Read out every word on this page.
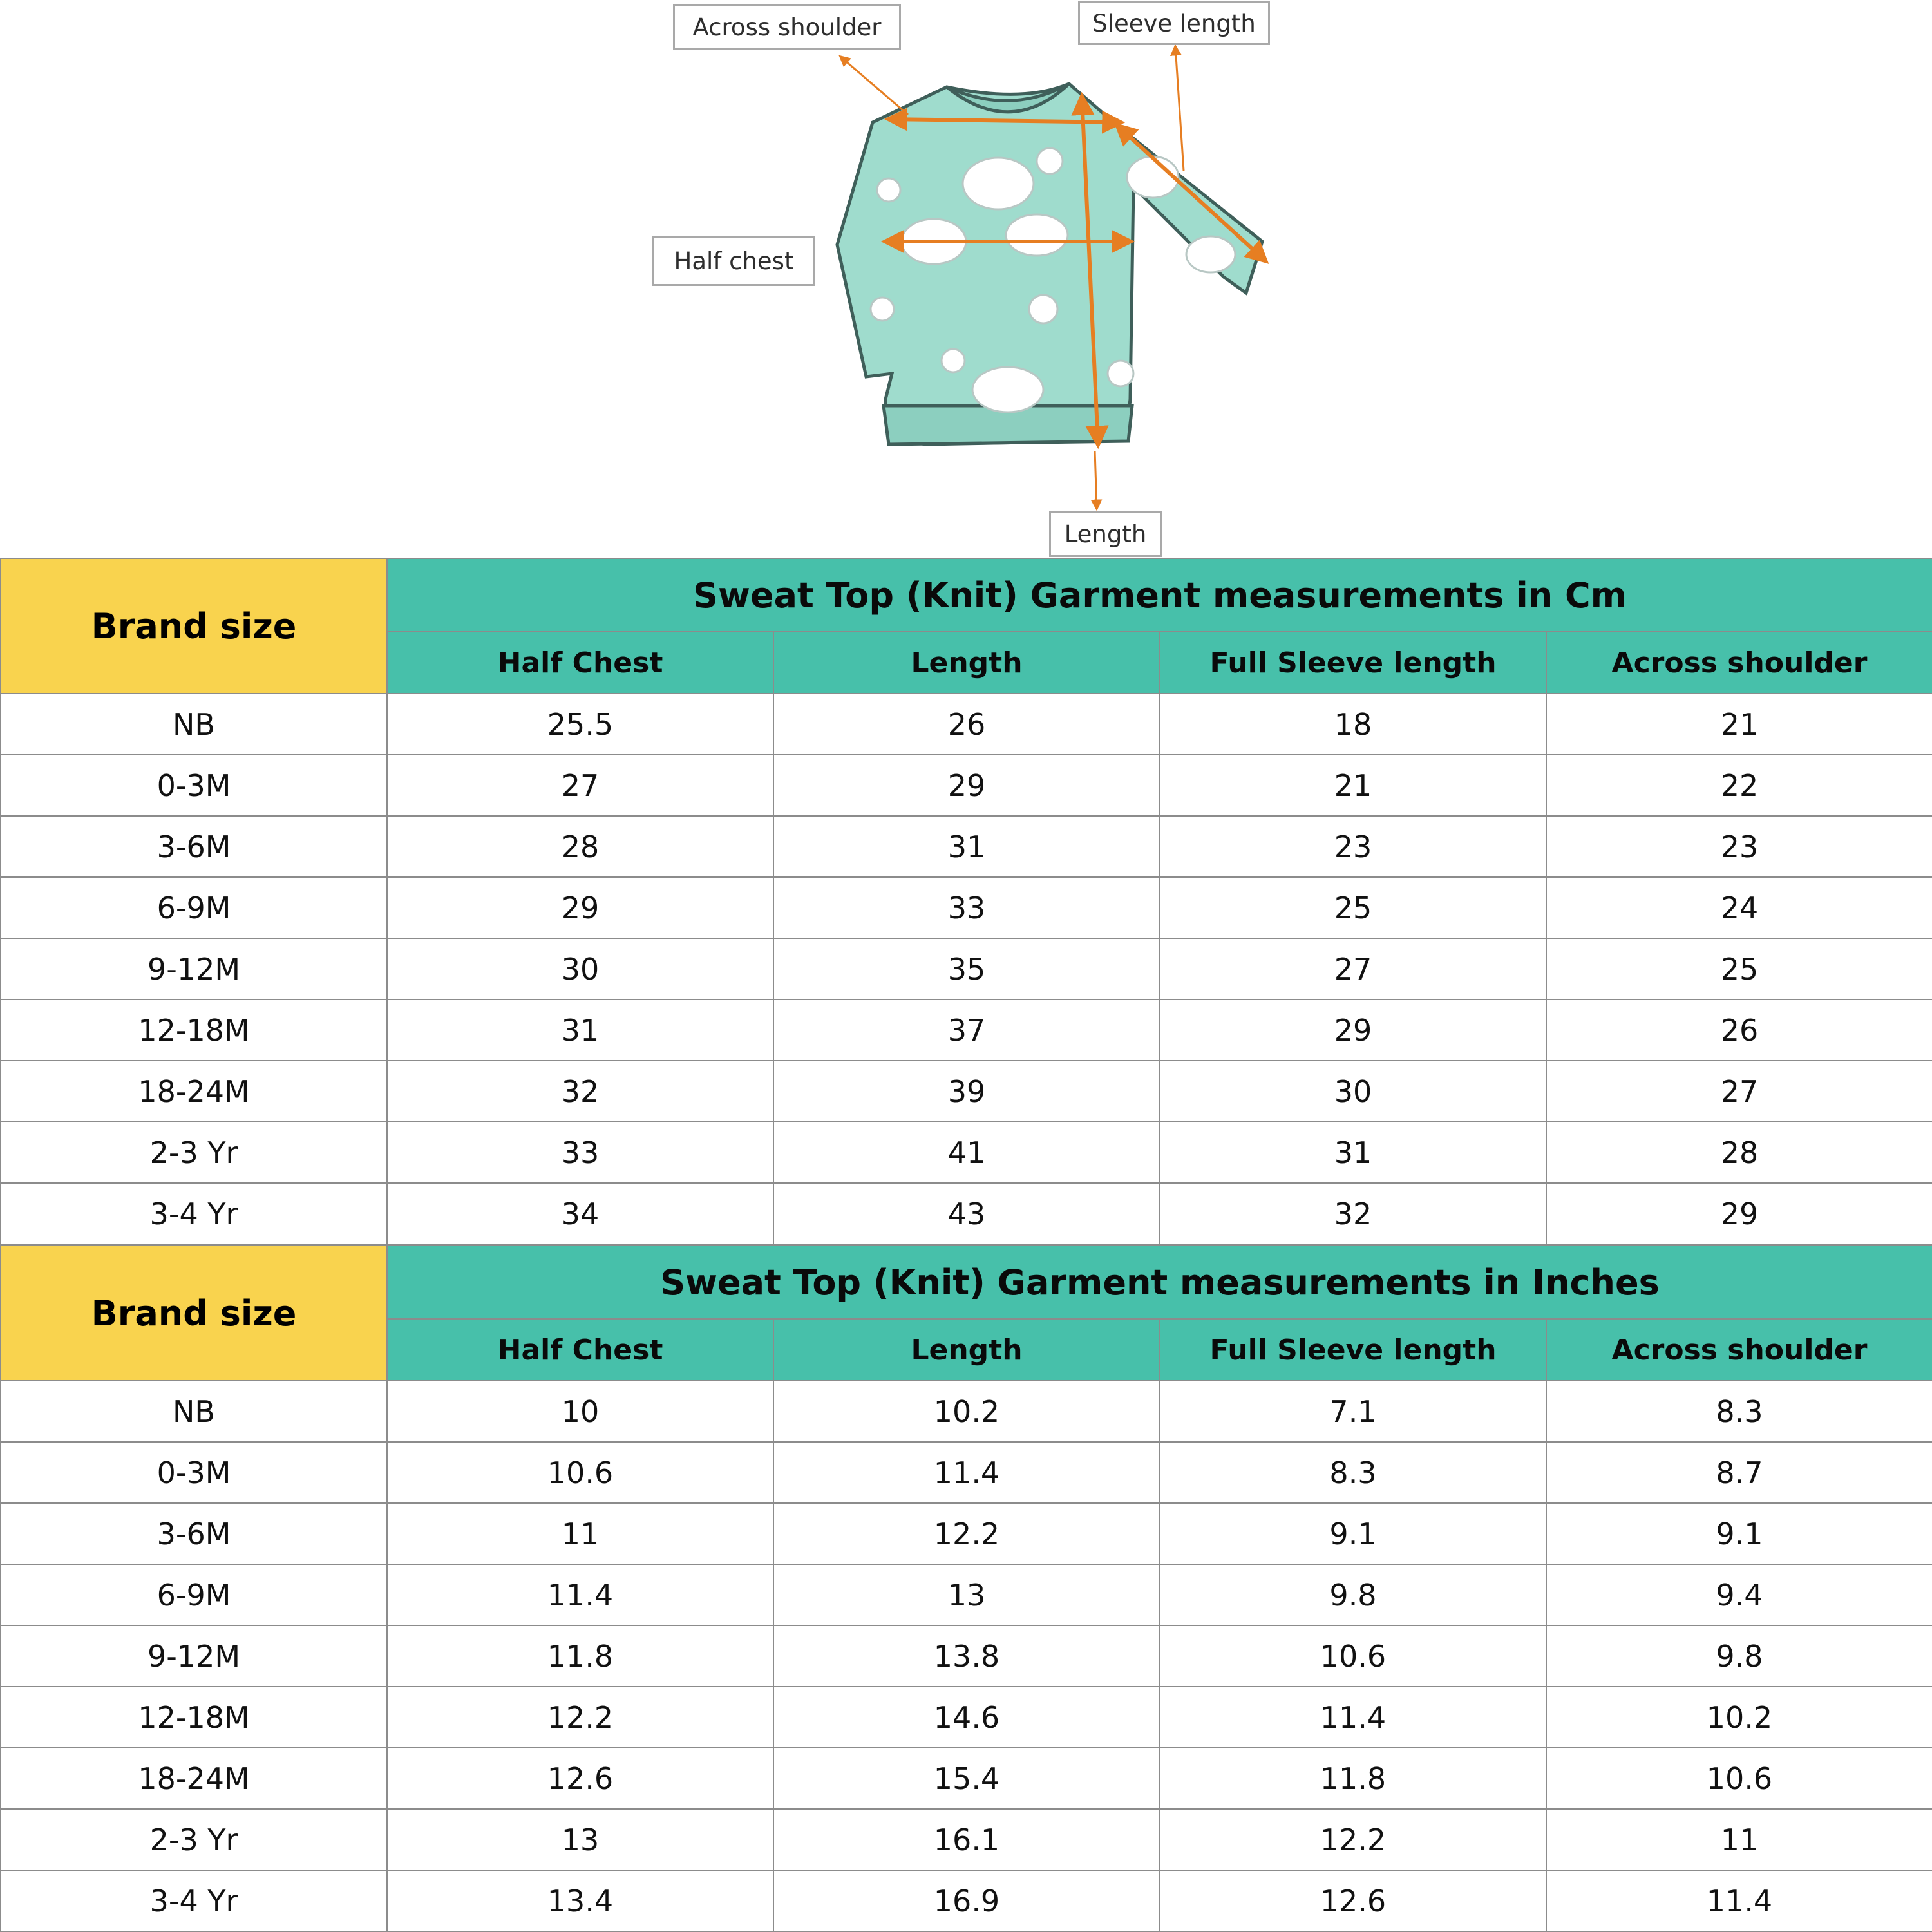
Across shoulder	Sleeve length
Half chest
Length
Brand size	Sweat Top (Knit) Garment measurements in Cm			
	Half Chest	Length	Full Sleeve length	Across shoulder
NB	25.5	26	18	21
0-3M	27	29	21	22
3-6M	28	31	23	23
6-9M	29	33	25	24
9-12M	30	35	27	25
12-18M	31	37	29	26
18-24M	32	39	30	27
2-3 Yr	33	41	31	28
3-4 Yr	34	43	32	29
Brand size	Sweat Top (Knit) Garment measurements in Inches			
	Half Chest	Length	Full Sleeve length	Across shoulder
NB	10	10.2	7.1	8.3
0-3M	10.6	11.4	8.3	8.7
3-6M	11	12.2	9.1	9.1
6-9M	11.4	13	9.8	9.4
9-12M	11.8	13.8	10.6	9.8
12-18M	12.2	14.6	11.4	10.2
18-24M	12.6	15.4	11.8	10.6
2-3 Yr	13	16.1	12.2	11
3-4 Yr	13.4	16.9	12.6	11.4
